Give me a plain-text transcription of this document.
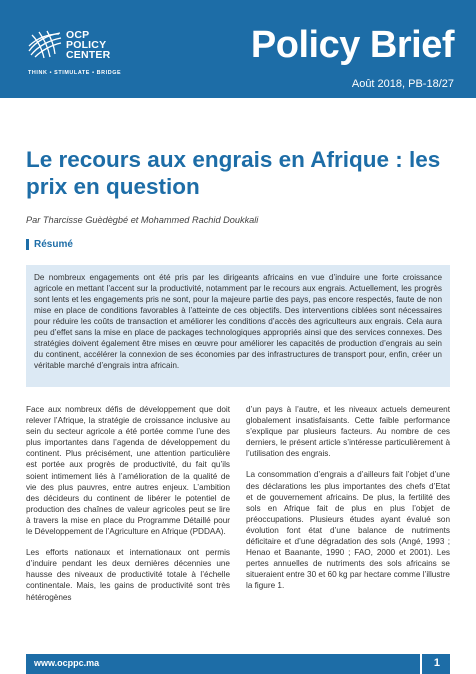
OCP
POLICY
CENTER
THINK • STIMULATE • BRIDGE
Policy Brief
Août 2018, PB-18/27
Le recours aux engrais en Afrique : les prix en question
Par Tharcisse Guèdègbé et Mohammed Rachid Doukkali
Résumé
De nombreux engagements ont été pris par les dirigeants africains en vue d’induire une forte croissance agricole en mettant l’accent sur la productivité, notamment par le recours aux engrais. Actuellement, les progrès sont lents et les engagements pris ne sont, pour la majeure partie des pays, pas encore respectés, faute de non mise en place de conditions favorables à l’atteinte de ces objectifs. Des interventions ciblées sont nécessaires pour réduire les coûts de transaction et améliorer les conditions d’accès des agriculteurs aux engrais. Cela aura peu d’effet sans la mise en place de packages technologiques appropriés ainsi que des services connexes. Des stratégies doivent également être mises en œuvre pour améliorer les capacités de production d’engrais au sein du continent, accélérer la connexion de ses économies par des infrastructures de transport pour, enfin, créer un véritable marché d’engrais intra africain.

Face aux nombreux défis de développement que doit relever l’Afrique, la stratégie de croissance inclusive au sein du secteur agricole a été portée comme l’une des plus importantes dans l’agenda de développement du continent. Plus précisément, une attention particulière est portée aux progrès de productivité, du fait qu’ils soient intimement liés à l’amélioration de la qualité de vie des plus pauvres, entre autres enjeux. L’ambition des décideurs du continent de libérer le potentiel de production des chaînes de valeur agricoles peut se lire à travers la mise en place du Programme Détaillé pour le Développement de l’Agriculture en Afrique (PDDAA).

Les efforts nationaux et internationaux ont permis d’induire pendant les deux dernières décennies une hausse des niveaux de productivité totale à l’échelle continentale. Mais, les gains de productivité sont très hétérogènes

d’un pays à l’autre, et les niveaux actuels demeurent globalement insatisfaisants. Cette faible performance s’explique par plusieurs facteurs. Au nombre de ces derniers, le présent article s’intéresse particulièrement à l’utilisation des engrais.

La consommation d’engrais a d’ailleurs fait l’objet d’une des déclarations les plus importantes des chefs d’Etat et de gouvernement africains. De plus, la fertilité des sols en Afrique fait de plus en plus l’objet de préoccupations. Plusieurs études ayant évalué son évolution font état d’une balance de nutriments déficitaire et d’une dégradation des sols (Angé, 1993 ; Henao et Baanante, 1990 ; FAO, 2000 et 2001). Les pertes annuelles de nutriments des sols africains se situeraient entre 30 et 60 kg par hectare comme l’illustre la figure 1.

www.ocppc.ma	1
